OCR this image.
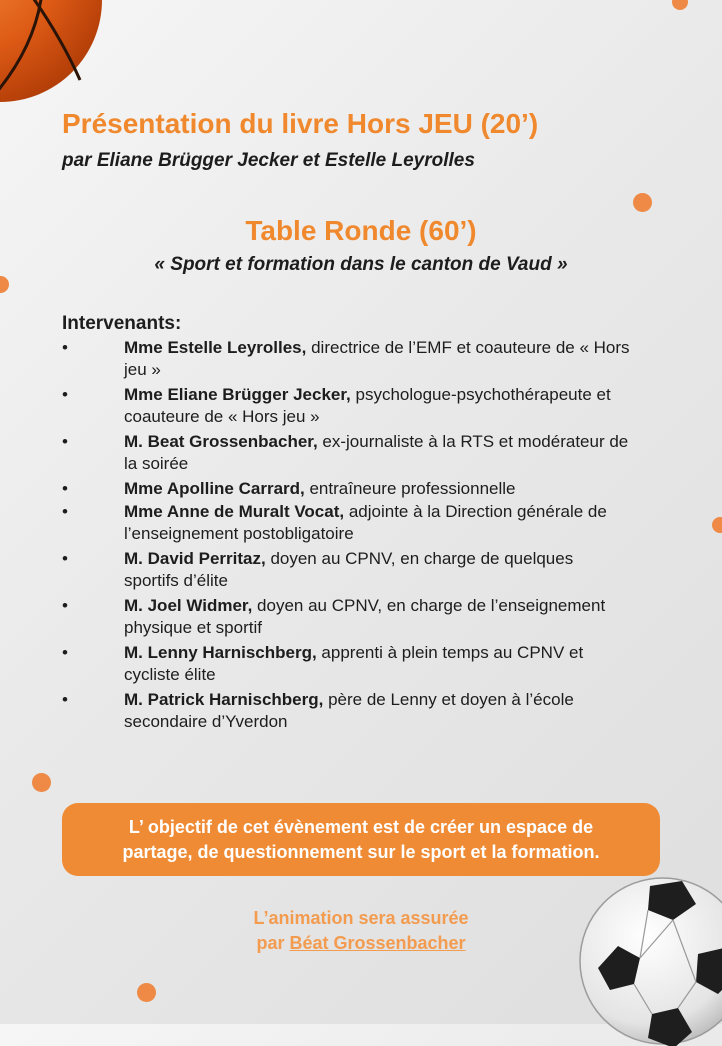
Présentation du livre Hors JEU (20’)

par Eliane Brügger Jecker et Estelle Leyrolles

Table Ronde (60’)

« Sport et formation dans le canton de Vaud »

Intervenants:
•	Mme Estelle Leyrolles, directrice de l’EMF et coauteure de « Hors jeu »
•	Mme Eliane Brügger Jecker, psychologue-psychothérapeute et coauteure de « Hors jeu »
•	M. Beat Grossenbacher, ex-journaliste à la RTS et modérateur de la soirée
•	Mme Apolline Carrard, entraîneure professionnelle
•	Mme Anne de Muralt Vocat, adjointe à la Direction générale de l’enseignement postobligatoire
•	M. David Perritaz, doyen au CPNV, en charge de quelques sportifs d’élite
•	M. Joel Widmer, doyen au CPNV, en charge de l’enseignement physique et sportif
•	M. Lenny Harnischberg, apprenti à plein temps au CPNV et cycliste élite
•	M. Patrick Harnischberg, père de Lenny et doyen à l’école secondaire d’Yverdon
L’ objectif de cet évènement est de créer un espace de
partage, de questionnement sur le sport et la formation.
L’animation sera assurée
par Béat Grossenbacher
